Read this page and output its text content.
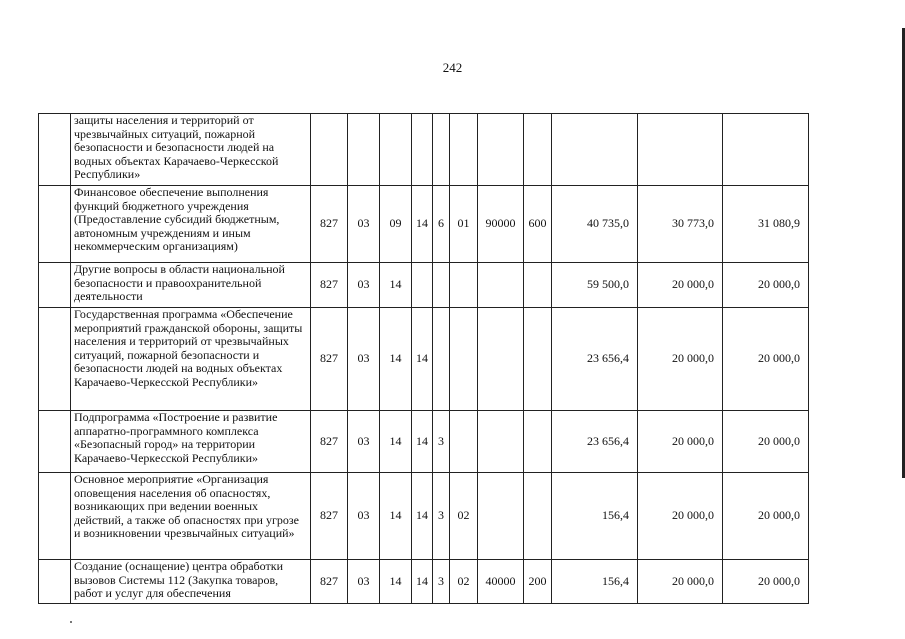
242
	защиты населения и территорий от чрезвычайных ситуаций, пожарной безопасности и безопасности людей на водных объектах Карачаево-Черкесской Республики»											
	Финансовое обеспечение выполнения функций бюджетного учреждения (Предоставление субсидий бюджетным, автономным учреждениям и иным некоммерческим организациям)	827	03	09	14	6	01	90000	600	40 735,0	30 773,0	31 080,9
	Другие вопросы в области национальной безопасности и правоохранительной деятельности	827	03	14						59 500,0	20 000,0	20 000,0
	Государственная программа «Обеспечение мероприятий гражданской обороны, защиты населения и территорий от чрезвычайных ситуаций, пожарной безопасности и безопасности людей на водных объектах Карачаево-Черкесской Республики»	827	03	14	14					23 656,4	20 000,0	20 000,0
	Подпрограмма «Построение и развитие аппаратно-программного комплекса «Безопасный город» на территории Карачаево-Черкесской Республики»	827	03	14	14	3				23 656,4	20 000,0	20 000,0
	Основное мероприятие «Организация оповещения населения об опасностях, возникающих при ведении военных действий, а также об опасностях при угрозе и возникновении чрезвычайных ситуаций»	827	03	14	14	3	02			156,4	20 000,0	20 000,0
	Создание (оснащение) центра обработки вызовов Системы 112 (Закупка товаров, работ и услуг для обеспечения	827	03	14	14	3	02	40000	200	156,4	20 000,0	20 000,0
